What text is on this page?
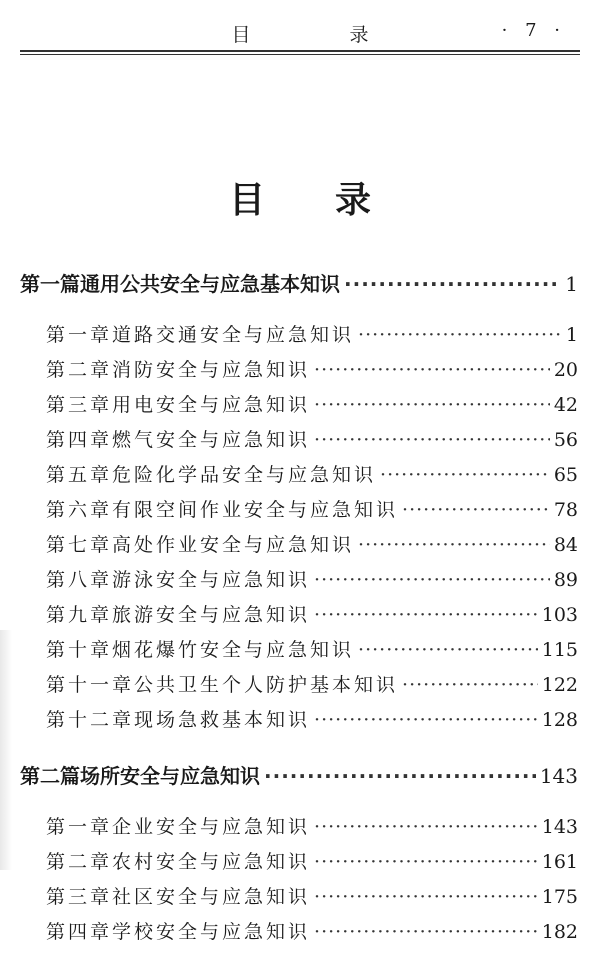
目　录	· 7 ·
目录
第一篇 通用公共安全与应急基本知识 ·····	1
第一章 道路交通安全与应急知识 ·····	1
第二章 消防安全与应急知识 ·····	20
第三章 用电安全与应急知识 ·····	42
第四章 燃气安全与应急知识 ·····	56
第五章 危险化学品安全与应急知识 ·····	65
第六章 有限空间作业安全与应急知识 ·····	78
第七章 高处作业安全与应急知识 ·····	84
第八章 游泳安全与应急知识 ·····	89
第九章 旅游安全与应急知识 ·····	103
第十章 烟花爆竹安全与应急知识 ·····	115
第十一章 公共卫生个人防护基本知识 ·····	122
第十二章 现场急救基本知识 ·····	128
第二篇 场所安全与应急知识 ·····	143
第一章 企业安全与应急知识 ·····	143
第二章 农村安全与应急知识 ·····	161
第三章 社区安全与应急知识 ·····	175
第四章 学校安全与应急知识 ·····	182
